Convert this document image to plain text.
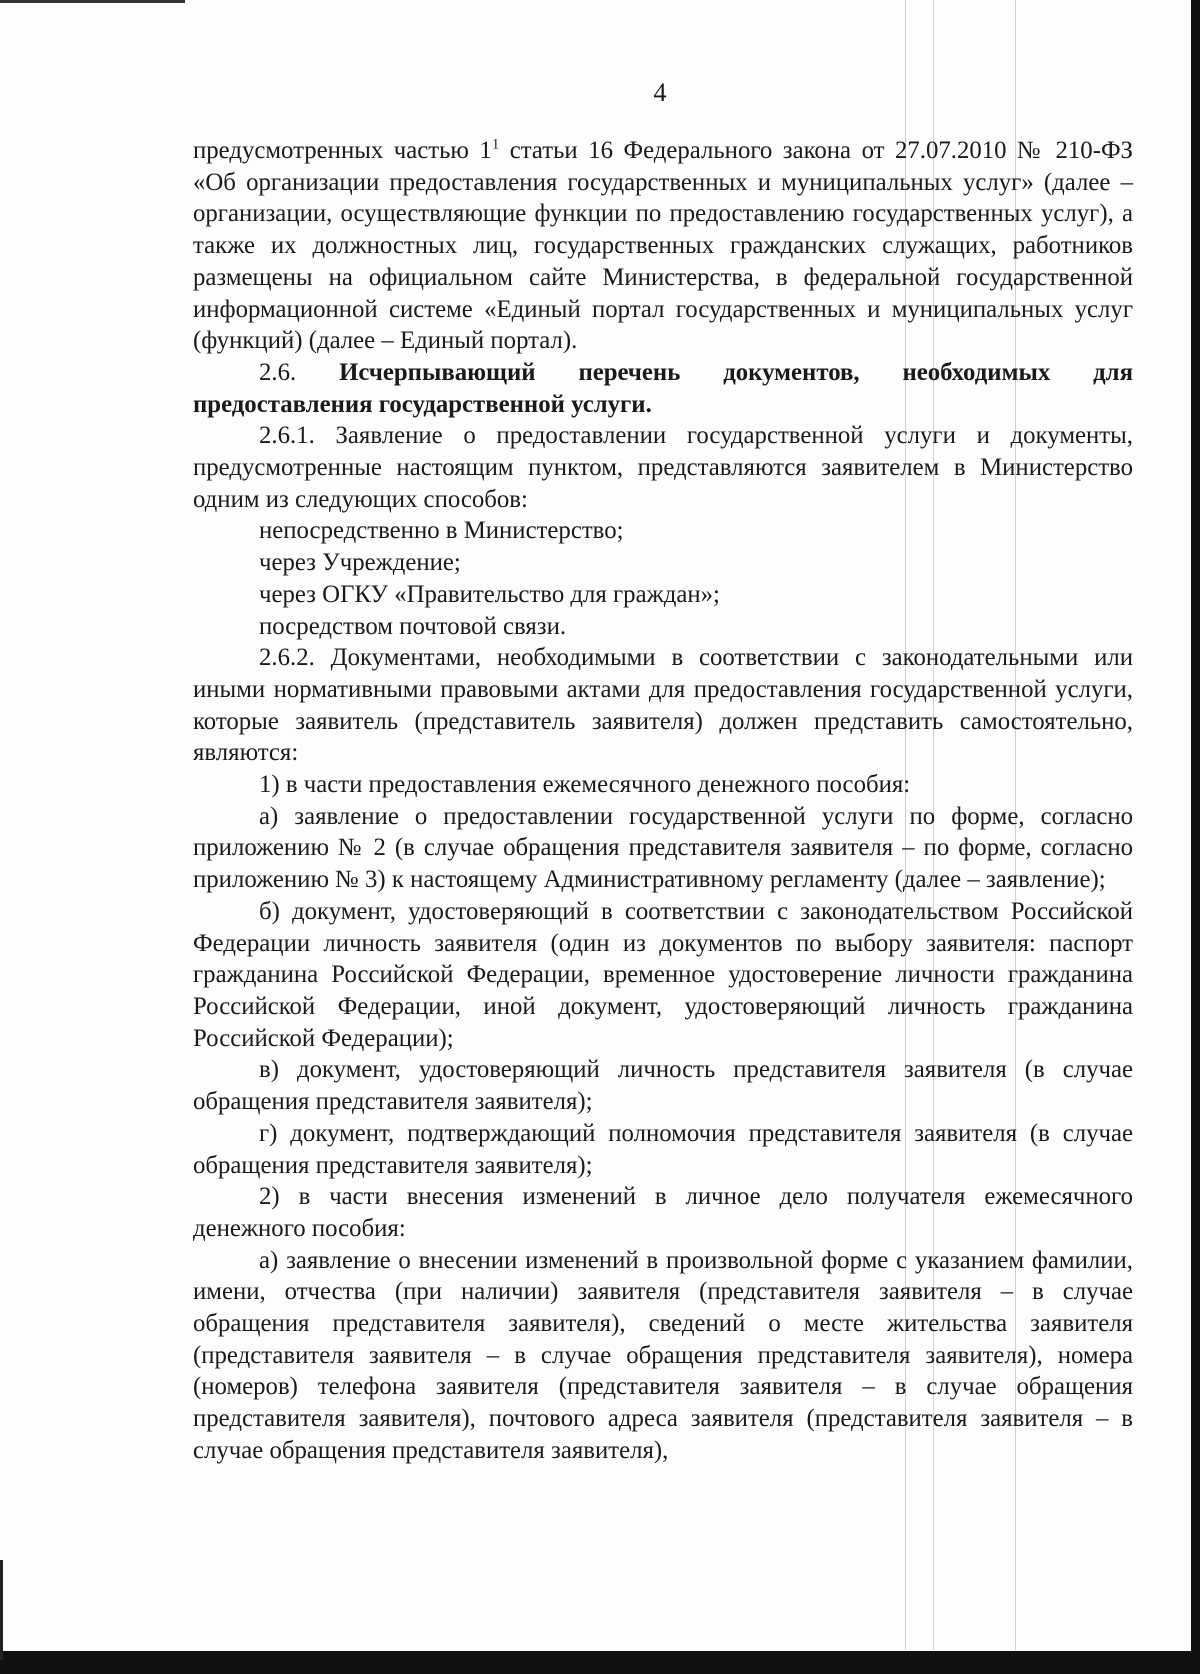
4

предусмотренных частью $1^1$ статьи 16 Федерального закона от 27.07.2010 № 210-ФЗ «Об организации предоставления государственных и муниципальных услуг» (далее – организации, осуществляющие функции по предоставлению государственных услуг), а также их должностных лиц, государственных гражданских служащих, работников размещены на официальном сайте Министерства, в федеральной государственной информационной системе «Единый портал государственных и муниципальных услуг (функций) (далее – Единый портал).

2.6. Исчерпывающий перечень документов, необходимых для предоставления государственной услуги.

2.6.1. Заявление о предоставлении государственной услуги и документы, предусмотренные настоящим пунктом, представляются заявителем в Министерство одним из следующих способов:

непосредственно в Министерство;

через Учреждение;

через ОГКУ «Правительство для граждан»;

посредством почтовой связи.

2.6.2. Документами, необходимыми в соответствии с законодательными или иными нормативными правовыми актами для предоставления государственной услуги, которые заявитель (представитель заявителя) должен представить самостоятельно, являются:

1) в части предоставления ежемесячного денежного пособия:

а) заявление о предоставлении государственной услуги по форме, согласно приложению № 2 (в случае обращения представителя заявителя – по форме, согласно приложению № 3) к настоящему Административному регламенту (далее – заявление);

б) документ, удостоверяющий в соответствии с законодательством Российской Федерации личность заявителя (один из документов по выбору заявителя: паспорт гражданина Российской Федерации, временное удостоверение личности гражданина Российской Федерации, иной документ, удостоверяющий личность гражданина Российской Федерации);

в) документ, удостоверяющий личность представителя заявителя (в случае обращения представителя заявителя);

г) документ, подтверждающий полномочия представителя заявителя (в случае обращения представителя заявителя);

2) в части внесения изменений в личное дело получателя ежемесячного денежного пособия:

а) заявление о внесении изменений в произвольной форме с указанием фамилии, имени, отчества (при наличии) заявителя (представителя заявителя – в случае обращения представителя заявителя), сведений о месте жительства заявителя (представителя заявителя – в случае обращения представителя заявителя), номера (номеров) телефона заявителя (представителя заявителя – в случае обращения представителя заявителя), почтового адреса заявителя (представителя заявителя – в случае обращения представителя заявителя),
